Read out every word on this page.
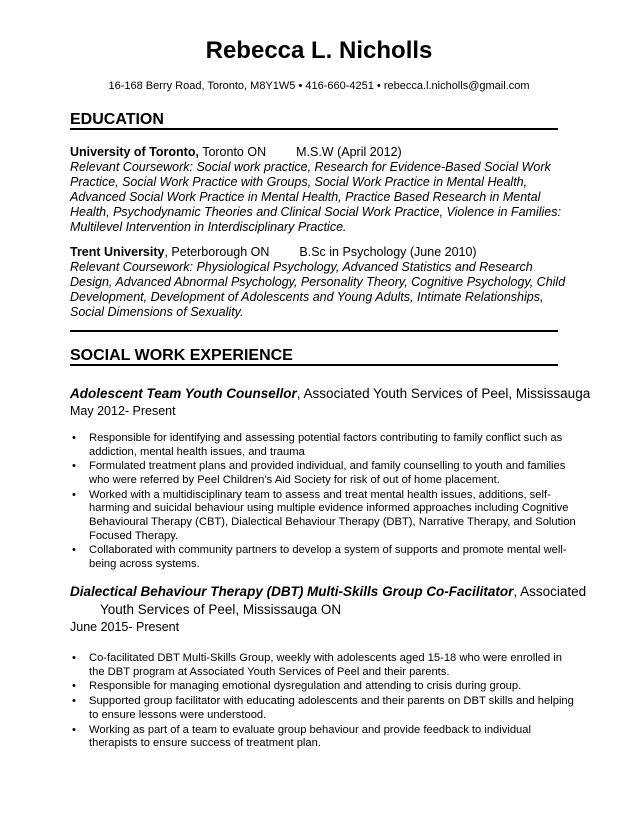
Rebecca L. Nicholls
16-168 Berry Road, Toronto, M8Y1W5 • 416-660-4251 • rebecca.l.nicholls@gmail.com
EDUCATION
University of Toronto, Toronto ON M.S.W (April 2012)
Relevant Coursework: Social work practice, Research for Evidence-Based Social Work Practice, Social Work Practice with Groups, Social Work Practice in Mental Health, Advanced Social Work Practice in Mental Health, Practice Based Research in Mental Health, Psychodynamic Theories and Clinical Social Work Practice, Violence in Families: Multilevel Intervention in Interdisciplinary Practice.
Trent University, Peterborough ON B.Sc in Psychology (June 2010)
Relevant Coursework: Physiological Psychology, Advanced Statistics and Research Design, Advanced Abnormal Psychology, Personality Theory, Cognitive Psychology, Child Development, Development of Adolescents and Young Adults, Intimate Relationships, Social Dimensions of Sexuality.
SOCIAL WORK EXPERIENCE
Adolescent Team Youth Counsellor, Associated Youth Services of Peel, Mississauga
May 2012- Present
• Responsible for identifying and assessing potential factors contributing to family conflict such as addiction, mental health issues, and trauma
• Formulated treatment plans and provided individual, and family counselling to youth and families who were referred by Peel Children’s Aid Society for risk of out of home placement.
• Worked with a multidisciplinary team to assess and treat mental health issues, additions, self-harming and suicidal behaviour using multiple evidence informed approaches including Cognitive Behavioural Therapy (CBT), Dialectical Behaviour Therapy (DBT), Narrative Therapy, and Solution Focused Therapy.
• Collaborated with community partners to develop a system of supports and promote mental well-being across systems.
Dialectical Behaviour Therapy (DBT) Multi-Skills Group Co-Facilitator, Associated
Youth Services of Peel, Mississauga ON
June 2015- Present
• Co-facilitated DBT Multi-Skills Group, weekly with adolescents aged 15-18 who were enrolled in the DBT program at Associated Youth Services of Peel and their parents.
• Responsible for managing emotional dysregulation and attending to crisis during group.
• Supported group facilitator with educating adolescents and their parents on DBT skills and helping to ensure lessons were understood.
• Working as part of a team to evaluate group behaviour and provide feedback to individual therapists to ensure success of treatment plan.
